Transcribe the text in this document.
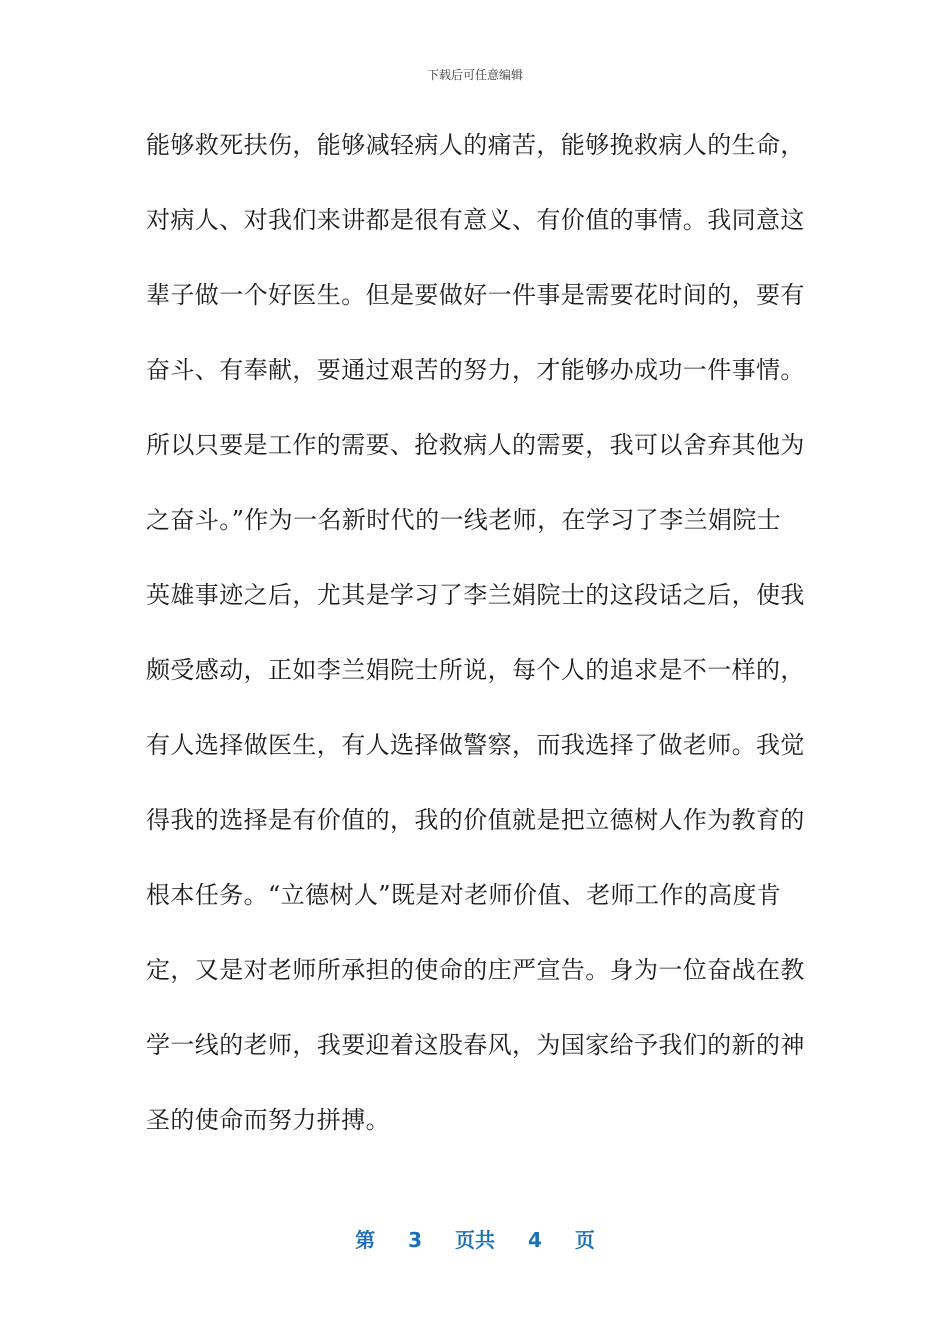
下载后可任意编辑
能够救死扶伤，能够减轻病人的痛苦，能够挽救病人的生命，
对病人、对我们来讲都是很有意义、有价值的事情。我同意这
辈子做一个好医生。但是要做好一件事是需要花时间的，要有
奋斗、有奉献，要通过艰苦的努力，才能够办成功一件事情。
所以只要是工作的需要、抢救病人的需要，我可以舍弃其他为
之奋斗。”作为一名新时代的一线老师，在学习了李兰娟院士
英雄事迹之后，尤其是学习了李兰娟院士的这段话之后，使我
颇受感动，正如李兰娟院士所说，每个人的追求是不一样的，
有人选择做医生，有人选择做警察，而我选择了做老师。我觉
得我的选择是有价值的，我的价值就是把立德树人作为教育的
根本任务。“立德树人”既是对老师价值、老师工作的高度肯
定，又是对老师所承担的使命的庄严宣告。身为一位奋战在教
学一线的老师，我要迎着这股春风，为国家给予我们的新的神
圣的使命而努力拼搏。
第 3 页共 4 页
